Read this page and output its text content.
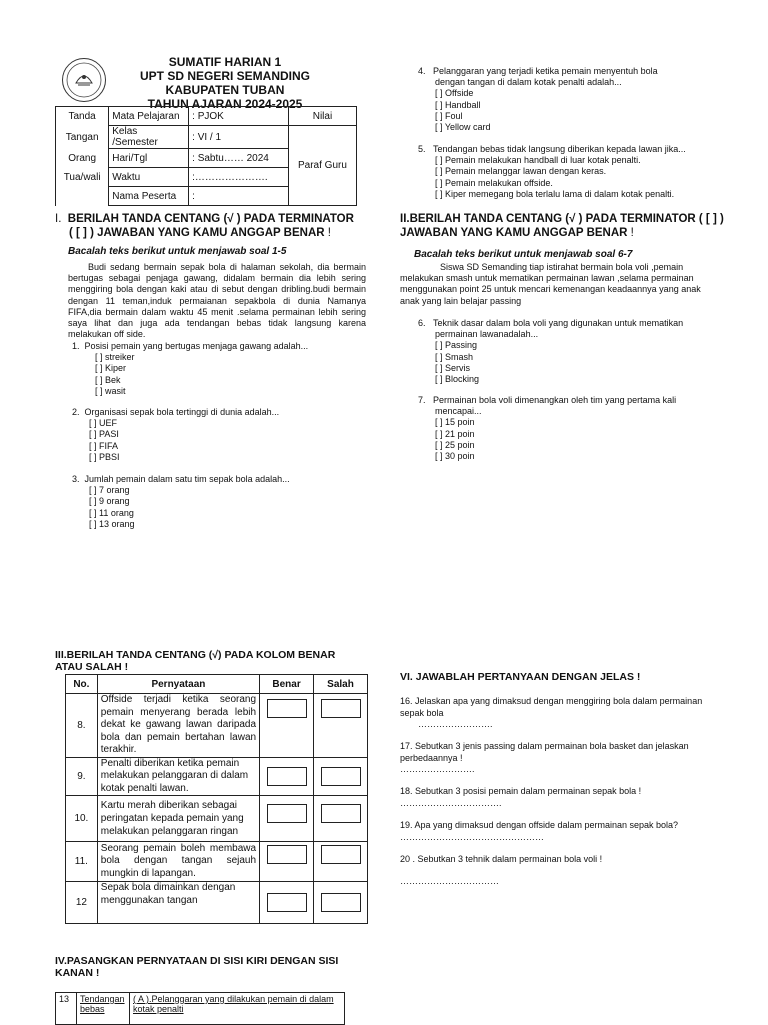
SUMATIF HARIAN 1
UPT SD NEGERI SEMANDING
KABUPATEN TUBAN
TAHUN AJARAN 2024-2025
Tanda	Mata Pelajaran	: PJOK	Nilai
Tangan	Kelas /Semester	: VI / 1	Paraf Guru
Orang	Hari/Tgl	: Sabtu…… 2024	
Tua/wali	Waktu	:………………….	
	Nama Peserta	:	
I. BERILAH TANDA CENTANG (√ ) PADA TERMINATOR
( [ ] ) JAWABAN YANG KAMU ANGGAP BENAR !
Bacalah teks berikut untuk menjawab soal 1-5
Budi sedang bermain sepak bola di halaman sekolah, dia bermain bertugas sebagai penjaga gawang, didalam bermain dia lebih sering menggiring bola dengan kaki atau di sebut dengan dribling.budi bermain dengan 11 teman,induk permaianan sepakbola di dunia Namanya FIFA,dia bermain dalam waktu 45 menit .selama permainan lebih sering saya lihat dan juga ada tendangan bebas tidak langsung karena melakukan off side.
1. Posisi pemain yang bertugas menjaga gawang adalah...
[ ] streiker
[ ] Kiper
[ ] Bek
[ ] wasit
2. Organisasi sepak bola tertinggi di dunia adalah...
[ ] UEF
[ ] PASI
[ ] FIFA
[ ] PBSI
3. Jumlah pemain dalam satu tim sepak bola adalah...
[ ] 7 orang
[ ] 9 orang
[ ] 11 orang
[ ] 13 orang
4. Pelanggaran yang terjadi ketika pemain menyentuh bola
dengan tangan di dalam kotak penalti adalah...
[ ] Offside
[ ] Handball
[ ] Foul
[ ] Yellow card
5. Tendangan bebas tidak langsung diberikan kepada lawan jika...
[ ] Pemain melakukan handball di luar kotak penalti.
[ ] Pemain melanggar lawan dengan keras.
[ ] Pemain melakukan offside.
[ ] Kiper memegang bola terlalu lama di dalam kotak penalti.
II.BERILAH TANDA CENTANG (√ ) PADA TERMINATOR ( [ ] )
JAWABAN YANG KAMU ANGGAP BENAR !
Bacalah teks berikut untuk menjawab soal 6-7
Siswa SD Semanding tiap istirahat bermain bola voli ,pemain melakukan smash untuk mematikan permainan lawan ,selama permainan menggunakan point 25 untuk mencari kemenangan keadaannya yang anak anak yang lain belajar passing
6. Teknik dasar dalam bola voli yang digunakan untuk mematikan
permainan lawanadalah...
[ ] Passing
[ ] Smash
[ ] Servis
[ ] Blocking
7. Permainan bola voli dimenangkan oleh tim yang pertama kali
mencapai...
[ ] 15 poin
[ ] 21 poin
[ ] 25 poin
[ ] 30 poin
III.BERILAH TANDA CENTANG (√) PADA KOLOM BENAR
ATAU SALAH !
No.	Pernyataan	Benar	Salah
8.	Offside terjadi ketika seorang pemain menyerang berada lebih dekat ke gawang lawan daripada bola dan pemain bertahan lawan terakhir.	

9.	Penalti diberikan ketika pemain melakukan pelanggaran di dalam kotak penalti lawan.	

10.	Kartu merah diberikan sebagai peringatan kepada pemain yang melakukan pelanggaran ringan	

11.	Seorang pemain boleh membawa bola dengan tangan sejauh mungkin di lapangan.	

12	Sepak bola dimainkan dengan menggunakan tangan	

VI. JAWABLAH PERTANYAAN DENGAN JELAS !
16. Jelaskan apa yang dimaksud dengan menggiring bola dalam permainan sepak bola
…………………….
17. Sebutkan 3 jenis passing dalam permainan bola basket dan jelaskan perbedaannya !
…………………….
18. Sebutkan 3 posisi pemain dalam permainan sepak bola !
…………………………….
19. Apa yang dimaksud dengan offside dalam permainan sepak bola?
…………………………………………
20 . Sebutkan 3 tehnik dalam permainan bola voli !
……………………………
IV.PASANGKAN PERNYATAAN DI SISI KIRI DENGAN SISI
KANAN !
13	Tendangan bebas	( A ).Pelanggaran yang dilakukan pemain di dalam kotak penalti
